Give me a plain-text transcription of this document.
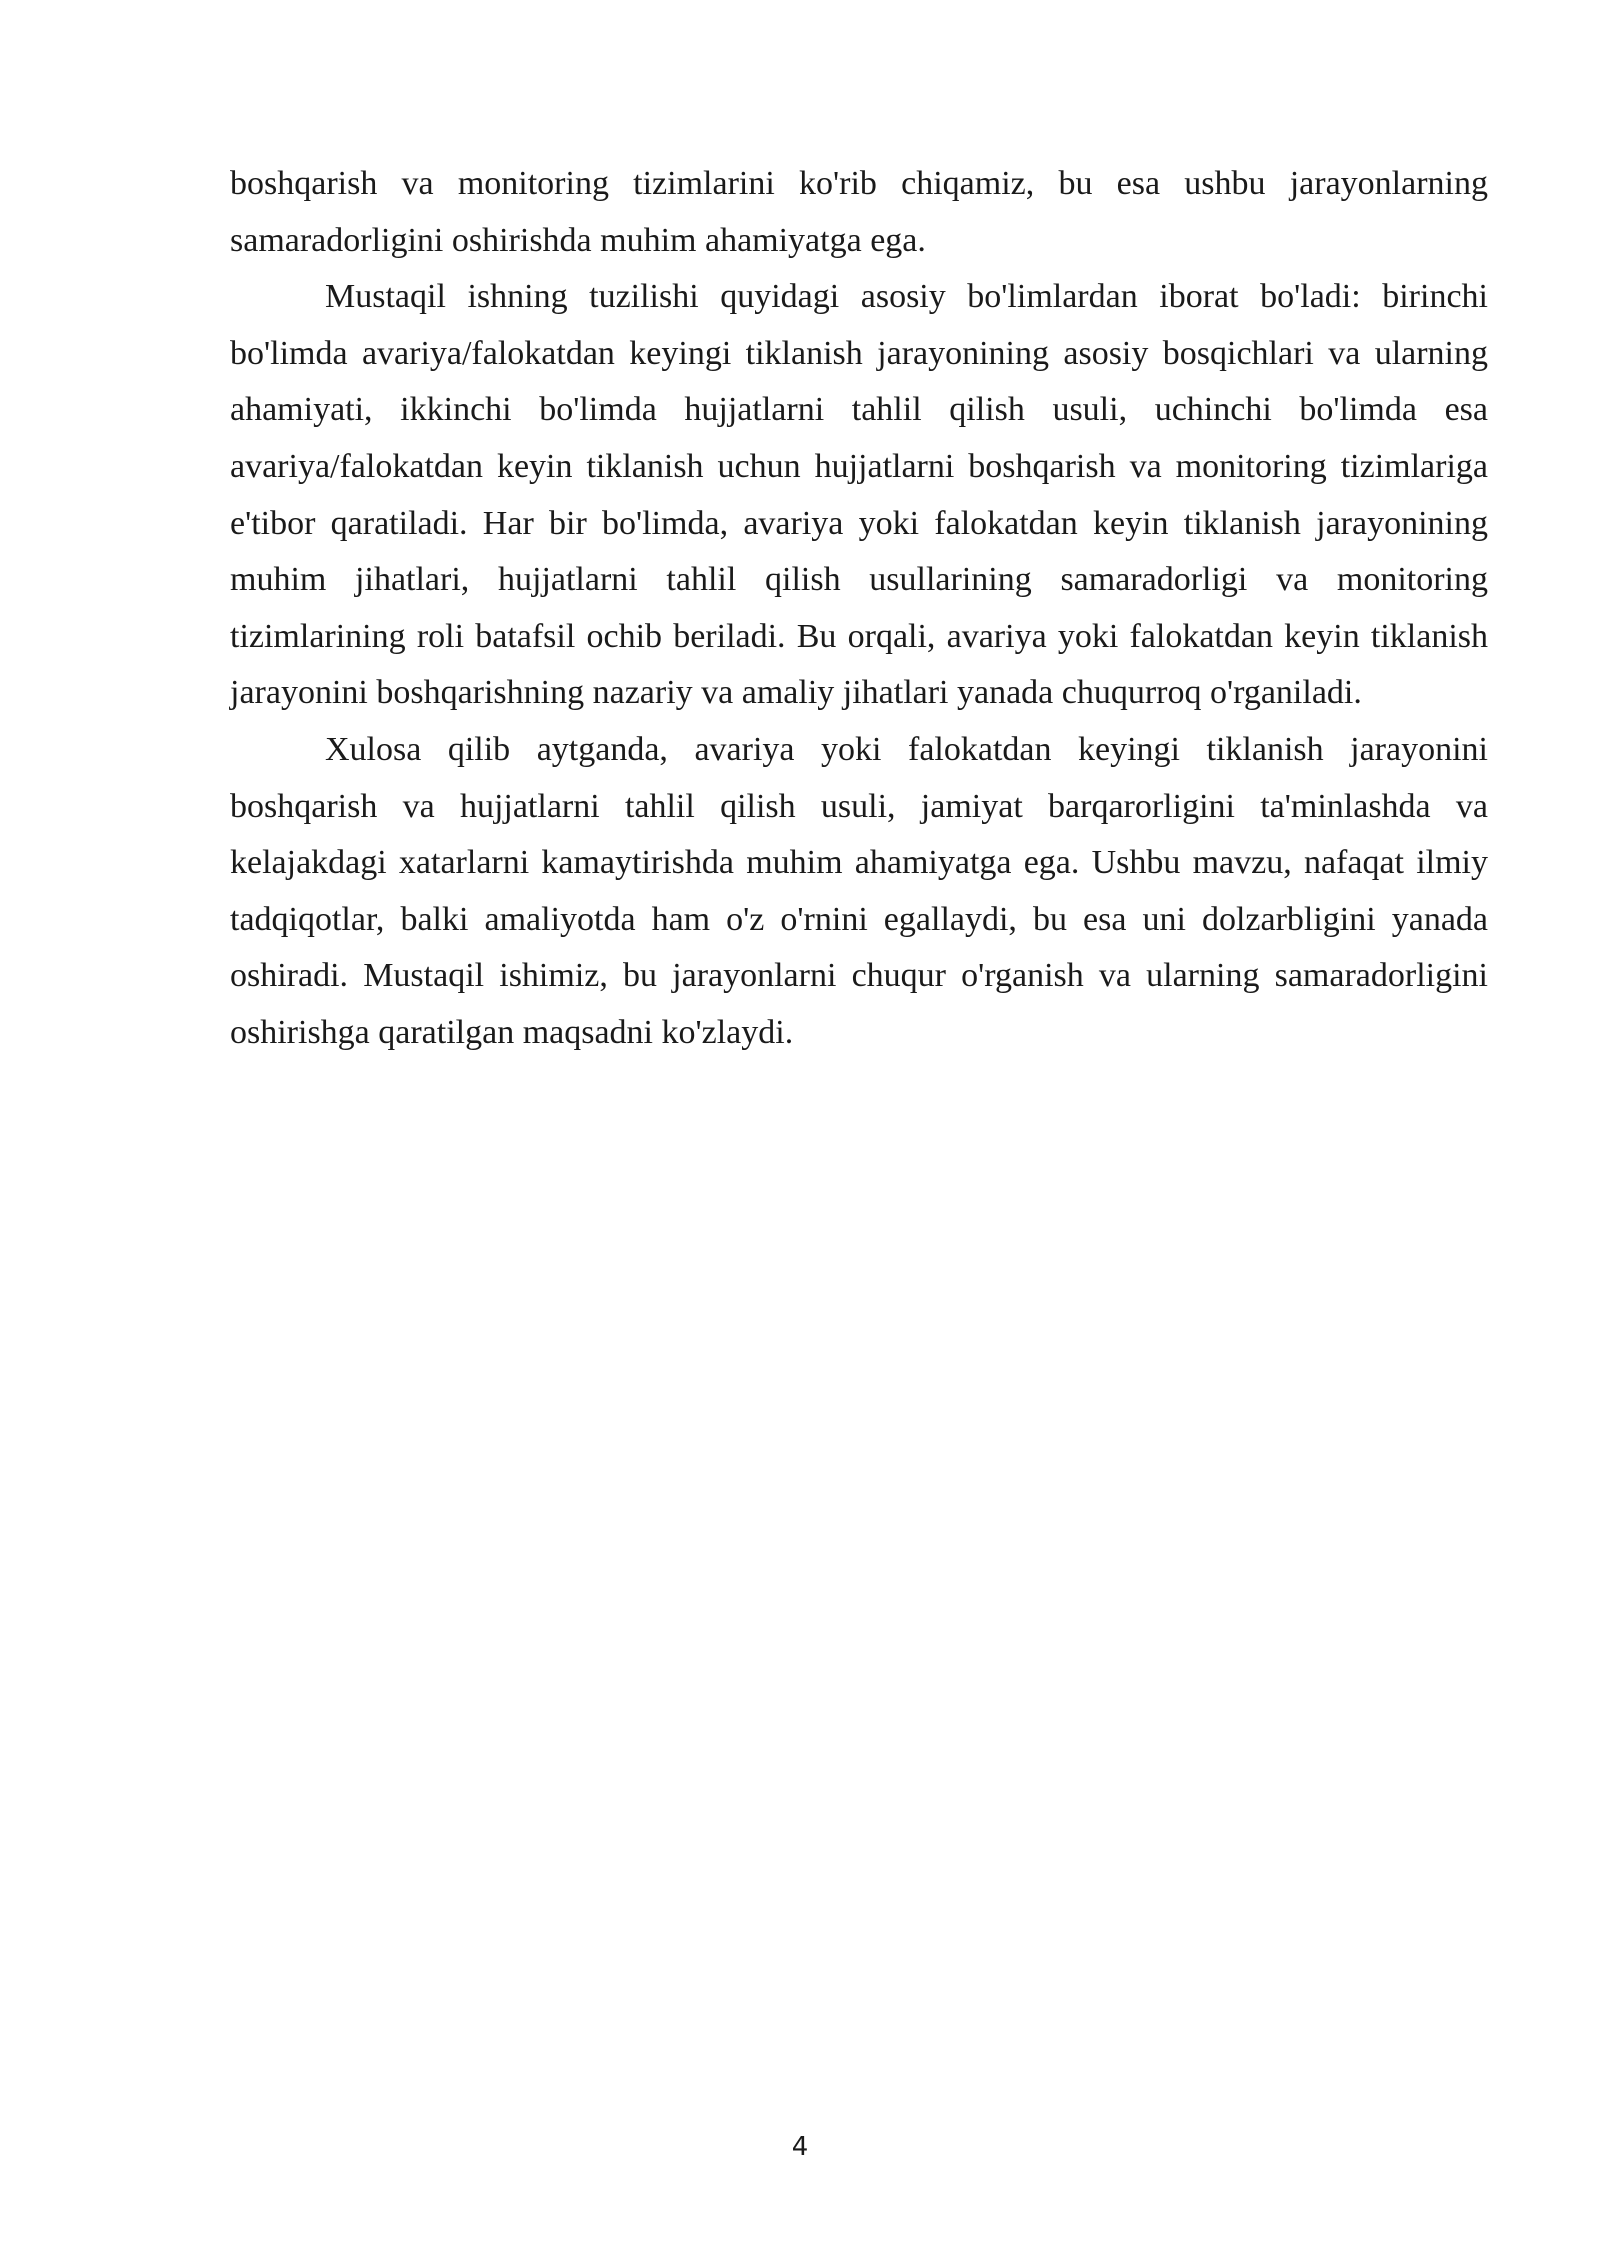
boshqarish va monitoring tizimlarini ko'rib chiqamiz, bu esa ushbu jarayonlarning samaradorligini oshirishda muhim ahamiyatga ega.

Mustaqil ishning tuzilishi quyidagi asosiy bo'limlardan iborat bo'ladi: birinchi bo'limda avariya/falokatdan keyingi tiklanish jarayonining asosiy bosqichlari va ularning ahamiyati, ikkinchi bo'limda hujjatlarni tahlil qilish usuli, uchinchi bo'limda esa avariya/falokatdan keyin tiklanish uchun hujjatlarni boshqarish va monitoring tizimlariga e'tibor qaratiladi. Har bir bo'limda, avariya yoki falokatdan keyin tiklanish jarayonining muhim jihatlari, hujjatlarni tahlil qilish usullarining samaradorligi va monitoring tizimlarining roli batafsil ochib beriladi. Bu orqali, avariya yoki falokatdan keyin tiklanish jarayonini boshqarishning nazariy va amaliy jihatlari yanada chuqurroq o'rganiladi.

Xulosa qilib aytganda, avariya yoki falokatdan keyingi tiklanish jarayonini boshqarish va hujjatlarni tahlil qilish usuli, jamiyat barqarorligini ta'minlashda va kelajakdagi xatarlarni kamaytirishda muhim ahamiyatga ega. Ushbu mavzu, nafaqat ilmiy tadqiqotlar, balki amaliyotda ham o'z o'rnini egallaydi, bu esa uni dolzarbligini yanada oshiradi. Mustaqil ishimiz, bu jarayonlarni chuqur o'rganish va ularning samaradorligini oshirishga qaratilgan maqsadni ko'zlaydi.

4
